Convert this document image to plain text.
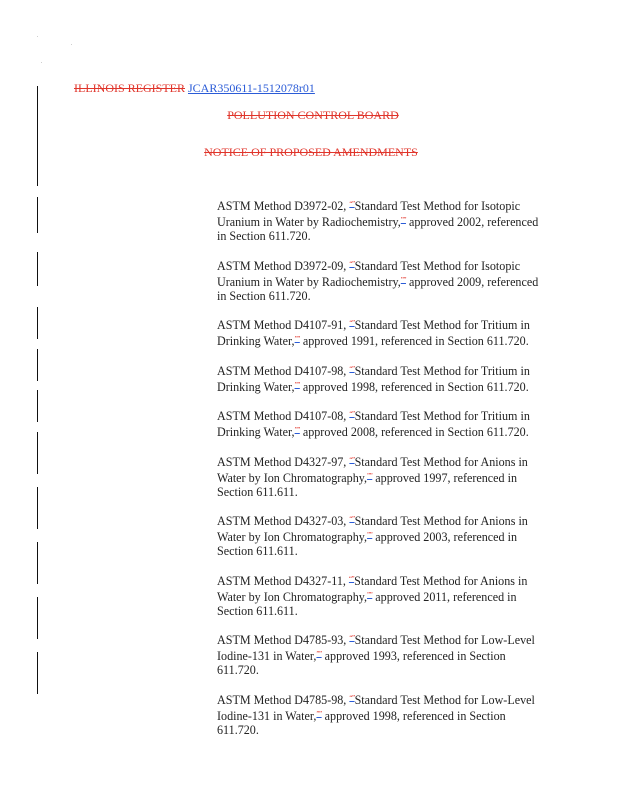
ILLINOIS REGISTER JCAR350611-1512078r01
POLLUTION CONTROL BOARD
NOTICE OF PROPOSED AMENDMENTS

ASTM Method D3972-02, “”Standard Test Method for Isotopic Uranium in Water by Radiochemistry,”” approved 2002, referenced in Section 611.720.

ASTM Method D3972-09, “”Standard Test Method for Isotopic Uranium in Water by Radiochemistry,”” approved 2009, referenced in Section 611.720.

ASTM Method D4107-91, “”Standard Test Method for Tritium in Drinking Water,”” approved 1991, referenced in Section 611.720.

ASTM Method D4107-98, “”Standard Test Method for Tritium in Drinking Water,”” approved 1998, referenced in Section 611.720.

ASTM Method D4107-08, “”Standard Test Method for Tritium in Drinking Water,”” approved 2008, referenced in Section 611.720.

ASTM Method D4327-97, “”Standard Test Method for Anions in Water by Ion Chromatography,”” approved 1997, referenced in Section 611.611.

ASTM Method D4327-03, “”Standard Test Method for Anions in Water by Ion Chromatography,”” approved 2003, referenced in Section 611.611.

ASTM Method D4327-11, “”Standard Test Method for Anions in Water by Ion Chromatography,”” approved 2011, referenced in Section 611.611.

ASTM Method D4785-93, “”Standard Test Method for Low-Level Iodine-131 in Water,”” approved 1993, referenced in Section 611.720.

ASTM Method D4785-98, “”Standard Test Method for Low-Level Iodine-131 in Water,”” approved 1998, referenced in Section 611.720.
